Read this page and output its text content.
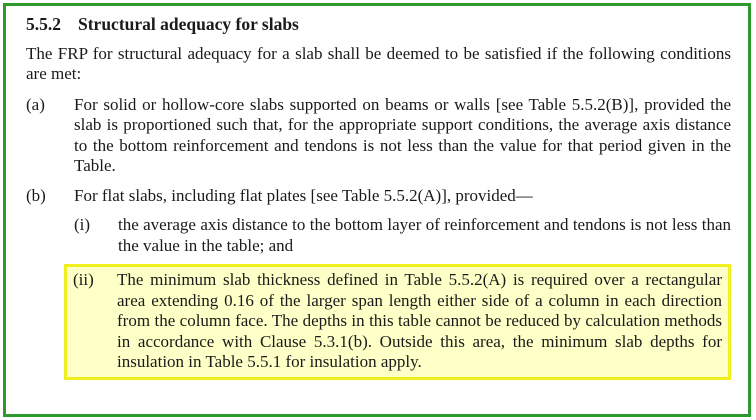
5.5.2 Structural adequacy for slabs
The FRP for structural adequacy for a slab shall be deemed to be satisfied if the following conditions are met:
(a)	For solid or hollow-core slabs supported on beams or walls [see Table 5.5.2(B)], provided the slab is proportioned such that, for the appropriate support conditions, the average axis distance to the bottom reinforcement and tendons is not less than the value for that period given in the Table.
(b)	For flat slabs, including flat plates [see Table 5.5.2(A)], provided—
(i)	the average axis distance to the bottom layer of reinforcement and tendons is not less than the value in the table; and
(ii)	The minimum slab thickness defined in Table 5.5.2(A) is required over a rectangular area extending 0.16 of the larger span length either side of a column in each direction from the column face. The depths in this table cannot be reduced by calculation methods in accordance with Clause 5.3.1(b). Outside this area, the minimum slab depths for insulation in Table 5.5.1 for insulation apply.
